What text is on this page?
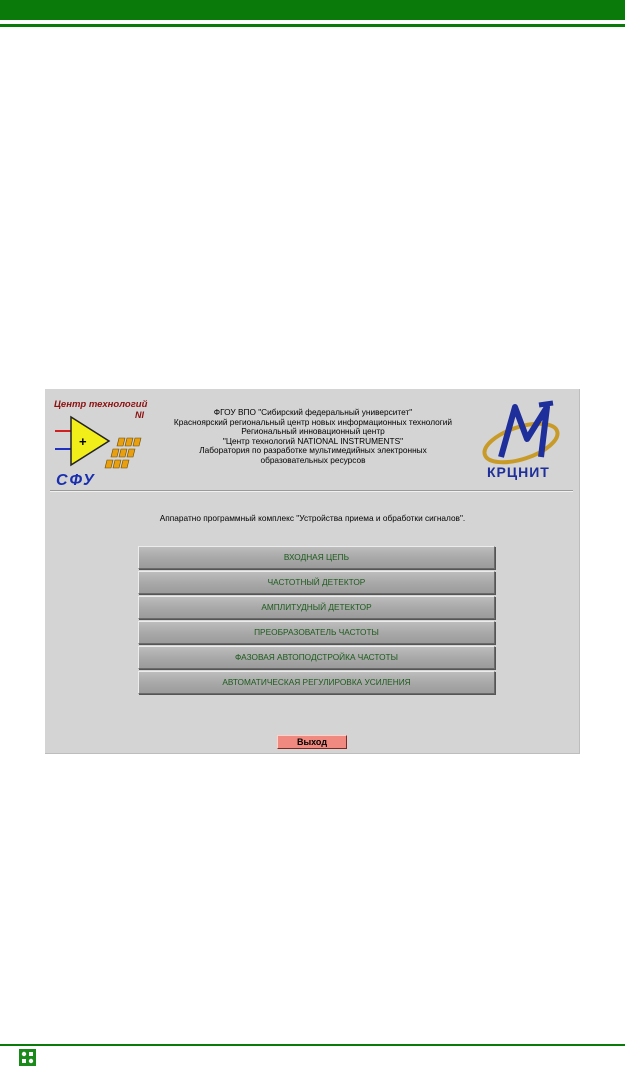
Центр технологий
NI
+
СФУ
ФГОУ ВПО "Сибирский федеральный университет"
Красноярский региональный центр новых информационных технологий
Региональный инновационный центр
"Центр технологий NATIONAL INSTRUMENTS"
Лаборатория по разработке мультимедийных электронных
образовательных ресурсов
КРЦНИТ
Аппаратно программный комплекс "Устройства приема и обработки сигналов".
ВХОДНАЯ ЦЕПЬ
ЧАСТОТНЫЙ ДЕТЕКТОР
АМПЛИТУДНЫЙ ДЕТЕКТОР
ПРЕОБРАЗОВАТЕЛЬ ЧАСТОТЫ
ФАЗОВАЯ АВТОПОДСТРОЙКА ЧАСТОТЫ
АВТОМАТИЧЕСКАЯ РЕГУЛИРОВКА УСИЛЕНИЯ
Выход
